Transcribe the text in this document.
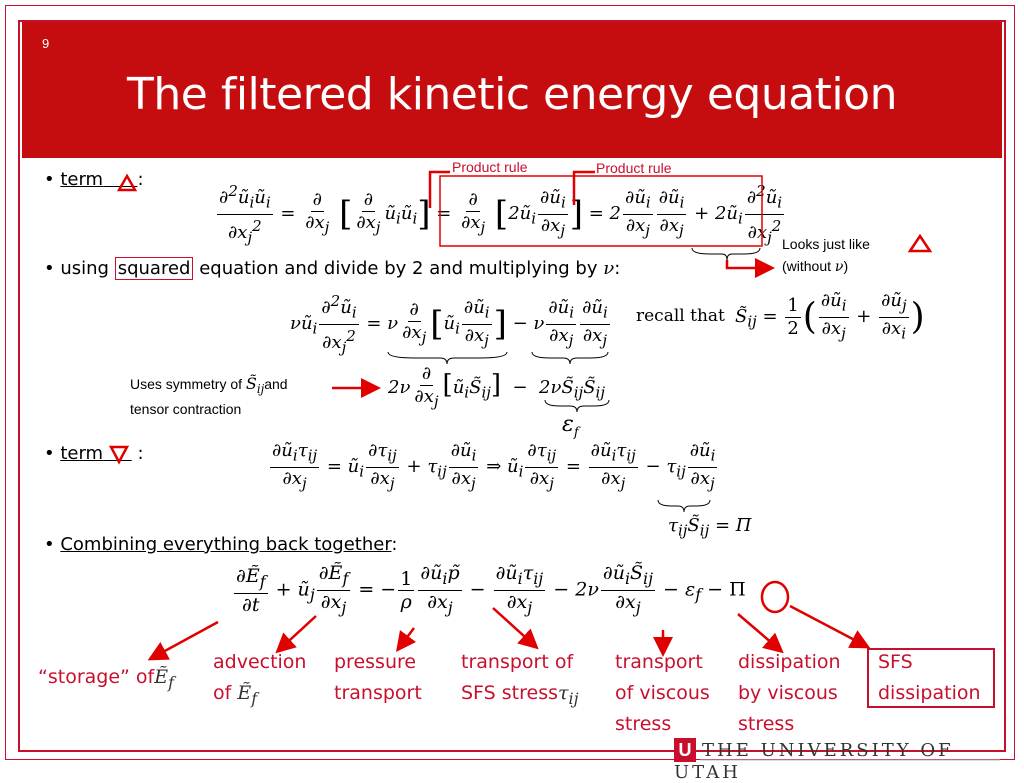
9
The filtered kinetic energy equation
• term :
$\frac{\partial^2ũ_iũ_i}{\partial x_j^2} = \frac{\partial}{\partial x_j}$ [ $\frac{\partial}{\partial x_j}$ $ũ_iũ_i] = \frac{\partial}{\partial x_j}$ [$2ũ_i \frac{\partial ũ_i}{\partial x_j}$ ] = $2 \frac{\partial ũ_i}{\partial x_j} \frac{\partial ũ_i}{\partial x_j}$ + $2ũ_i \frac{\partial^2ũ_i}{\partial x_j^2}$
Product rule	Product rule
Looks just like
(without ν)
• using squared equation and divide by 2 and multiplying by ν:
$\nu ũ_i \frac{\partial^2ũ_i}{\partial x_j^2} = \nu \frac{\partial}{\partial x_j}$ [$ũ_i \frac{\partial ũ_i}{\partial x_j}$ ] − ν $\frac{\partial ũ_i}{\partial x_j} \frac{\partial ũ_i}{\partial x_j}$ recall that $S̃_{ij} = \frac{1}{2}$ ( $\frac{\partial ũ_i}{\partial x_j} + \frac{\partial ũ_j}{\partial x_i}$ )
Uses symmetry of $S̃_{ij}and$
tensor contraction
$2\nu \frac{\partial}{\partial x_j}$ $[ũ_iS̃_{ij}]$  −  $2\nu S̃_{ij}S̃_{ij}$
$\varepsilon_f$
• term :	$\frac{\partial ũ_i\tau_{ij}}{\partial x_j}$ = $ũ_i \frac{\partial\tau_{ij}}{\partial x_j} + \tau_{ij} \frac{\partial ũ_i}{\partial x_j}$ ⇒ $ũ_i \frac{\partial\tau_{ij}}{\partial x_j} = \frac{\partial ũ_i\tau_{ij}}{\partial x_j} - \tau_{ij} \frac{\partial ũ_i}{\partial x_j}$
$\tau_{ij}S̃_{ij} = \Pi$
• Combining everything back together:
$\frac{\partial Ẽ_f}{\partial t}$ + $ũ_j \frac{\partial Ẽ_f}{\partial x_j}$ = − $\frac{1}{\rho} \frac{\partial ũ_ip̃}{\partial x_j} - \frac{\partial ũ_i\tau_{ij}}{\partial x_j} - 2\nu \frac{\partial ũ_iS̃_{ij}}{\partial x_j} - \varepsilon_f - \Pi$
“storage” ofẼ$_f$
advection
of Ẽ$_f$
pressure
transport
transport of
SFS stressτ$_{ij}$
transport
of viscous
stress
dissipation
by viscous
stress
SFS
dissipation
U THE UNIVERSITY OF UTAH
